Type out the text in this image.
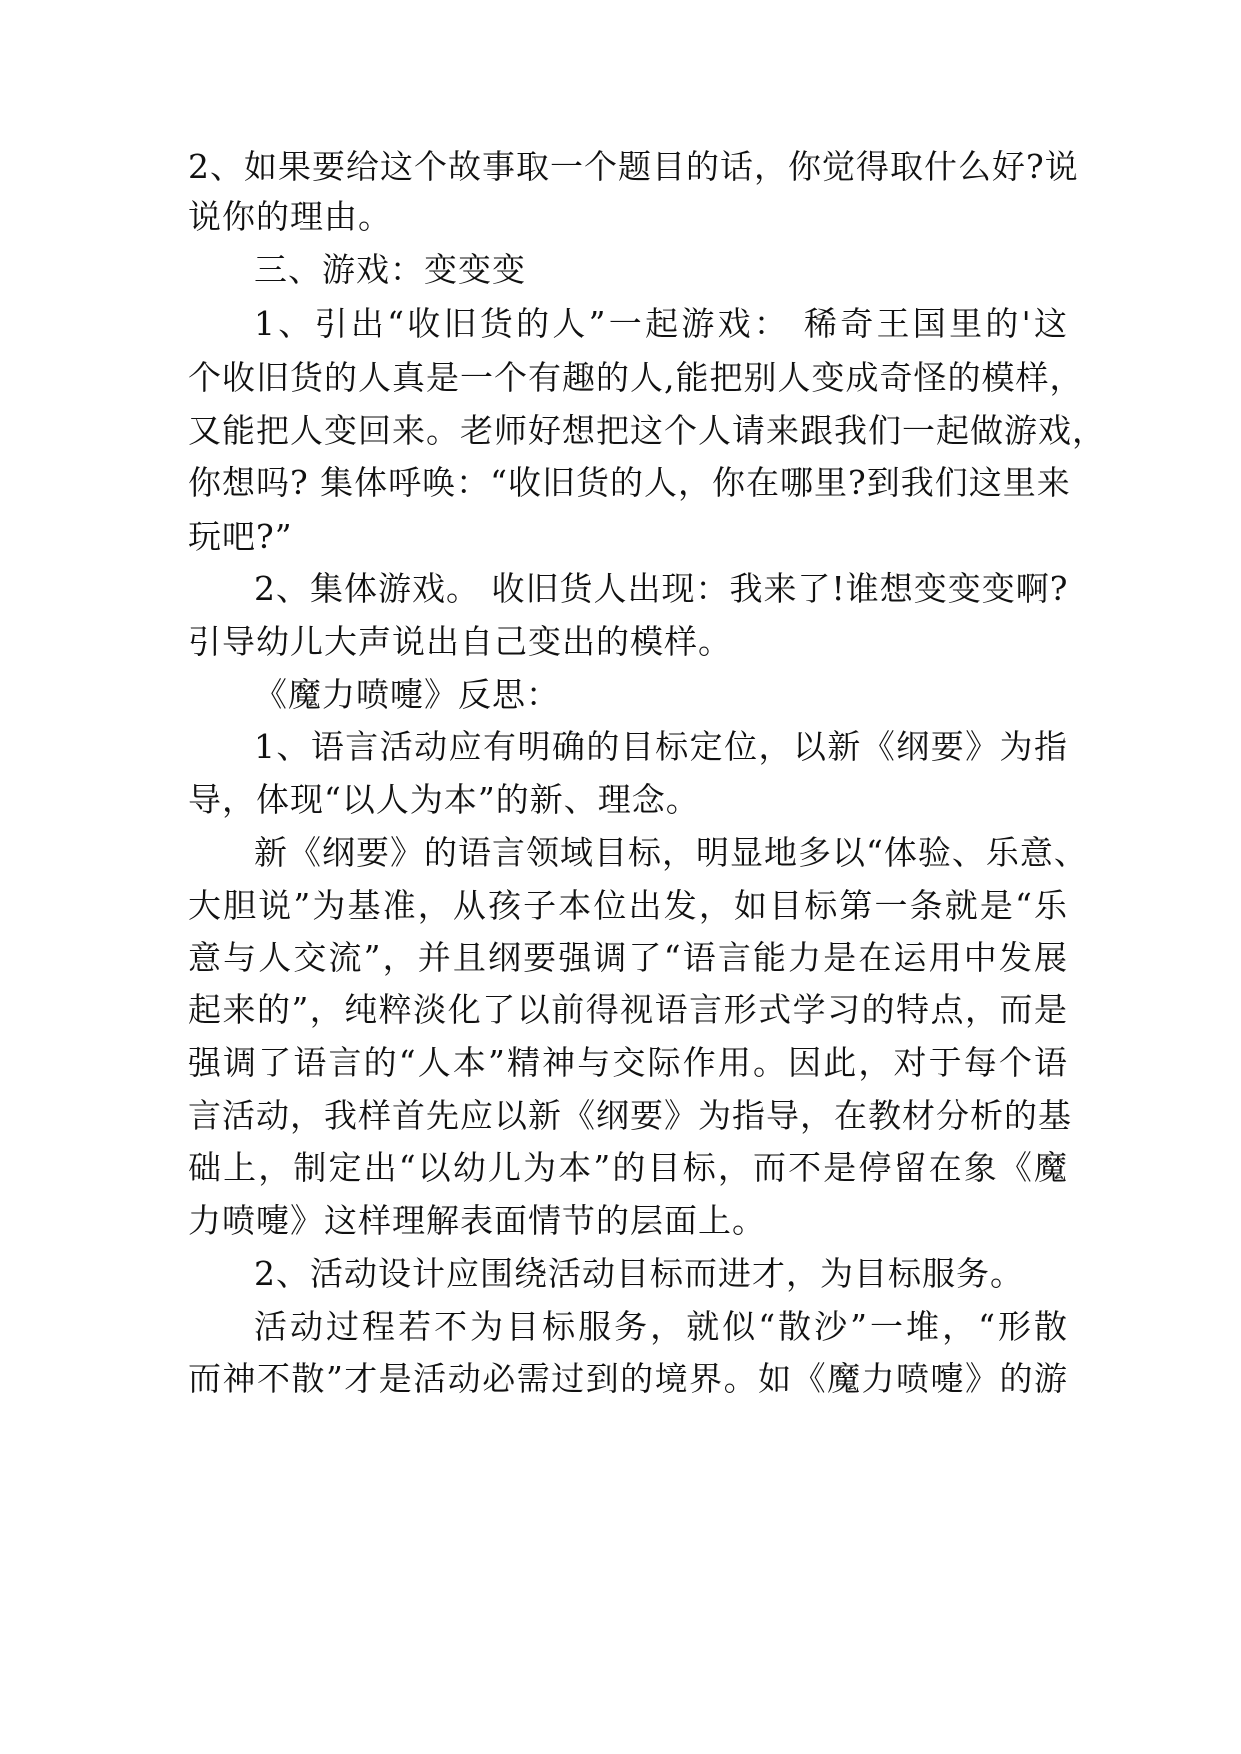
2、如果要给这个故事取一个题目的话，你觉得取什么好?说
说你的理由。
三、游戏：变变变
1、引出“收旧货的人”一起游戏： 稀奇王国里的'这
个收旧货的人真是一个有趣的人,能把别人变成奇怪的模样，
又能把人变回来。老师好想把这个人请来跟我们一起做游戏，
你想吗? 集体呼唤：“收旧货的人，你在哪里?到我们这里来
玩吧?”
2、集体游戏。 收旧货人出现：我来了!谁想变变变啊?
引导幼儿大声说出自己变出的模样。
《魔力喷嚏》反思：
1、语言活动应有明确的目标定位，以新《纲要》为指
导，体现“以人为本”的新、理念。
新《纲要》的语言领域目标，明显地多以“体验、乐意、
大胆说”为基准，从孩子本位出发，如目标第一条就是“乐
意与人交流”，并且纲要强调了“语言能力是在运用中发展
起来的”，纯粹淡化了以前得视语言形式学习的特点，而是
强调了语言的“人本”精神与交际作用。因此，对于每个语
言活动，我样首先应以新《纲要》为指导，在教材分析的基
础上，制定出“以幼儿为本”的目标，而不是停留在象《魔
力喷嚏》这样理解表面情节的层面上。
2、活动设计应围绕活动目标而进才，为目标服务。
活动过程若不为目标服务，就似“散沙”一堆，“形散
而神不散”才是活动必需过到的境界。如《魔力喷嚏》的游
